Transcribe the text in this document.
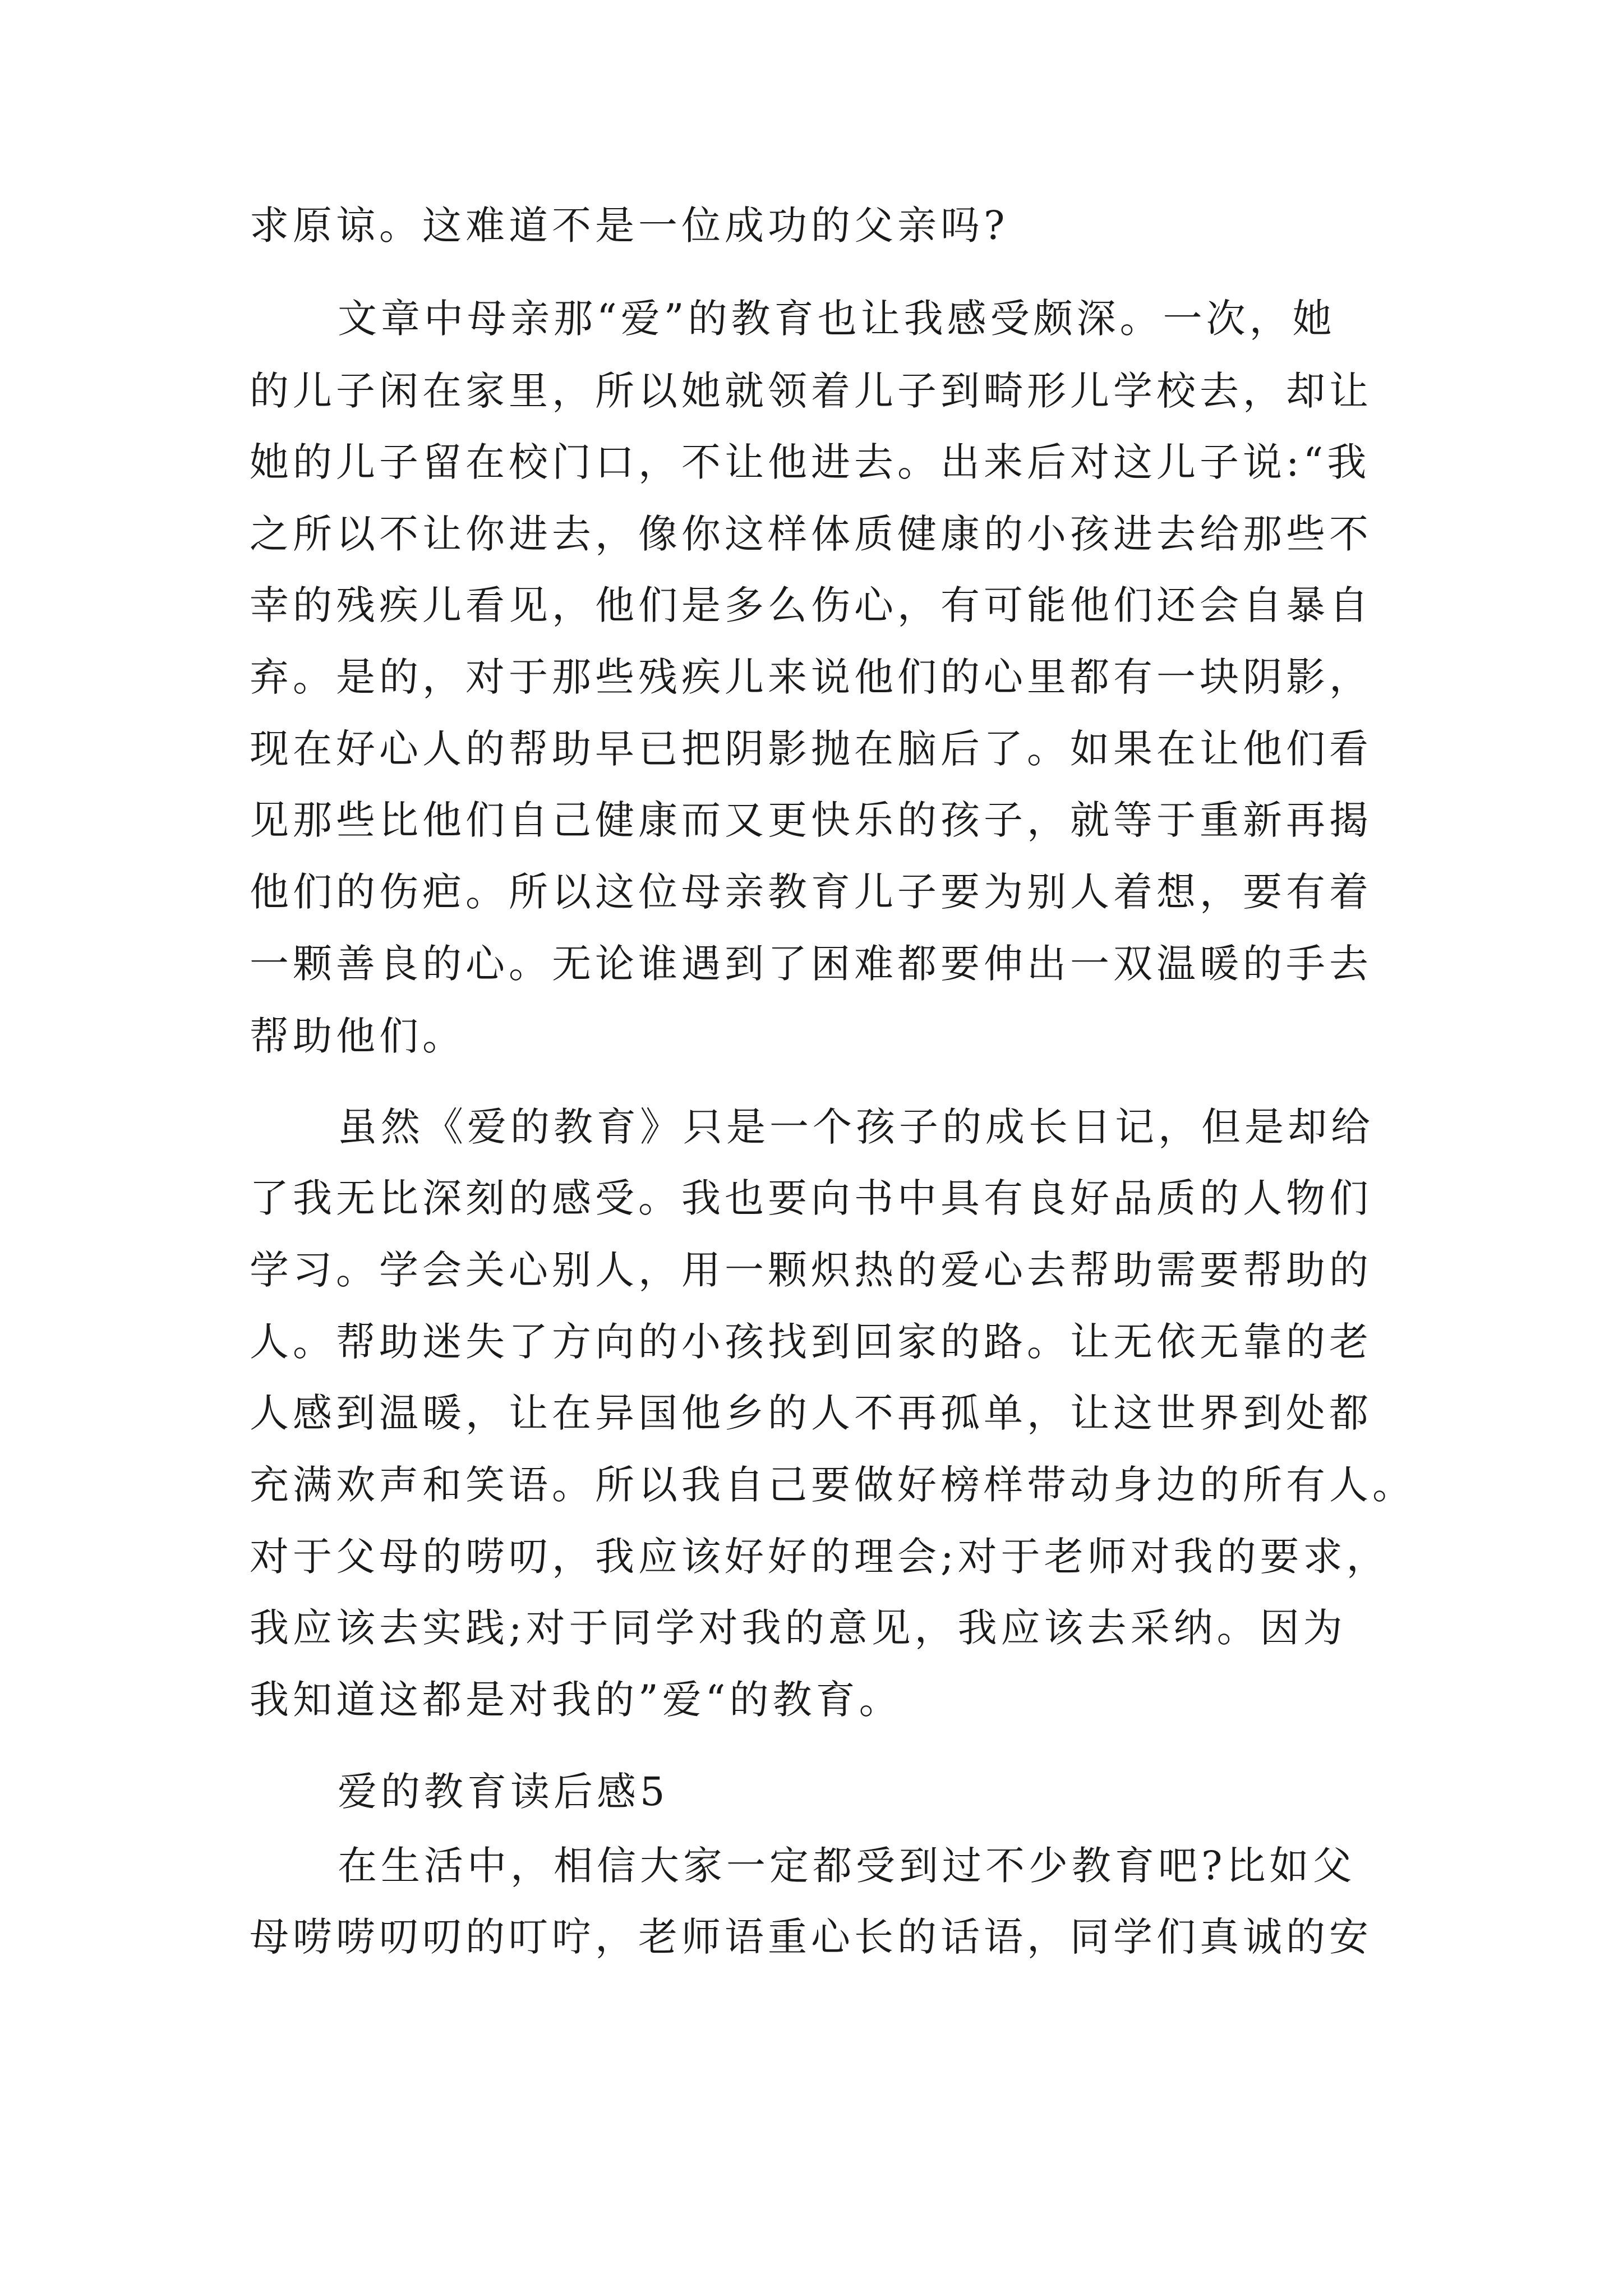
求原谅。这难道不是一位成功的父亲吗?
文章中母亲那“爱”的教育也让我感受颇深。一次，她
的儿子闲在家里，所以她就领着儿子到畸形儿学校去，却让
她的儿子留在校门口，不让他进去。出来后对这儿子说:“我
之所以不让你进去，像你这样体质健康的小孩进去给那些不
幸的残疾儿看见，他们是多么伤心，有可能他们还会自暴自
弃。是的，对于那些残疾儿来说他们的心里都有一块阴影，
现在好心人的帮助早已把阴影抛在脑后了。如果在让他们看
见那些比他们自己健康而又更快乐的孩子，就等于重新再揭
他们的伤疤。所以这位母亲教育儿子要为别人着想，要有着
一颗善良的心。无论谁遇到了困难都要伸出一双温暖的手去
帮助他们。
虽然《爱的教育》只是一个孩子的成长日记，但是却给
了我无比深刻的感受。我也要向书中具有良好品质的人物们
学习。学会关心别人，用一颗炽热的爱心去帮助需要帮助的
人。帮助迷失了方向的小孩找到回家的路。让无依无靠的老
人感到温暖，让在异国他乡的人不再孤单，让这世界到处都
充满欢声和笑语。所以我自己要做好榜样带动身边的所有人。
对于父母的唠叨，我应该好好的理会;对于老师对我的要求，
我应该去实践;对于同学对我的意见，我应该去采纳。因为
我知道这都是对我的”爱“的教育。
爱的教育读后感5
在生活中，相信大家一定都受到过不少教育吧?比如父
母唠唠叨叨的叮咛，老师语重心长的话语，同学们真诚的安
